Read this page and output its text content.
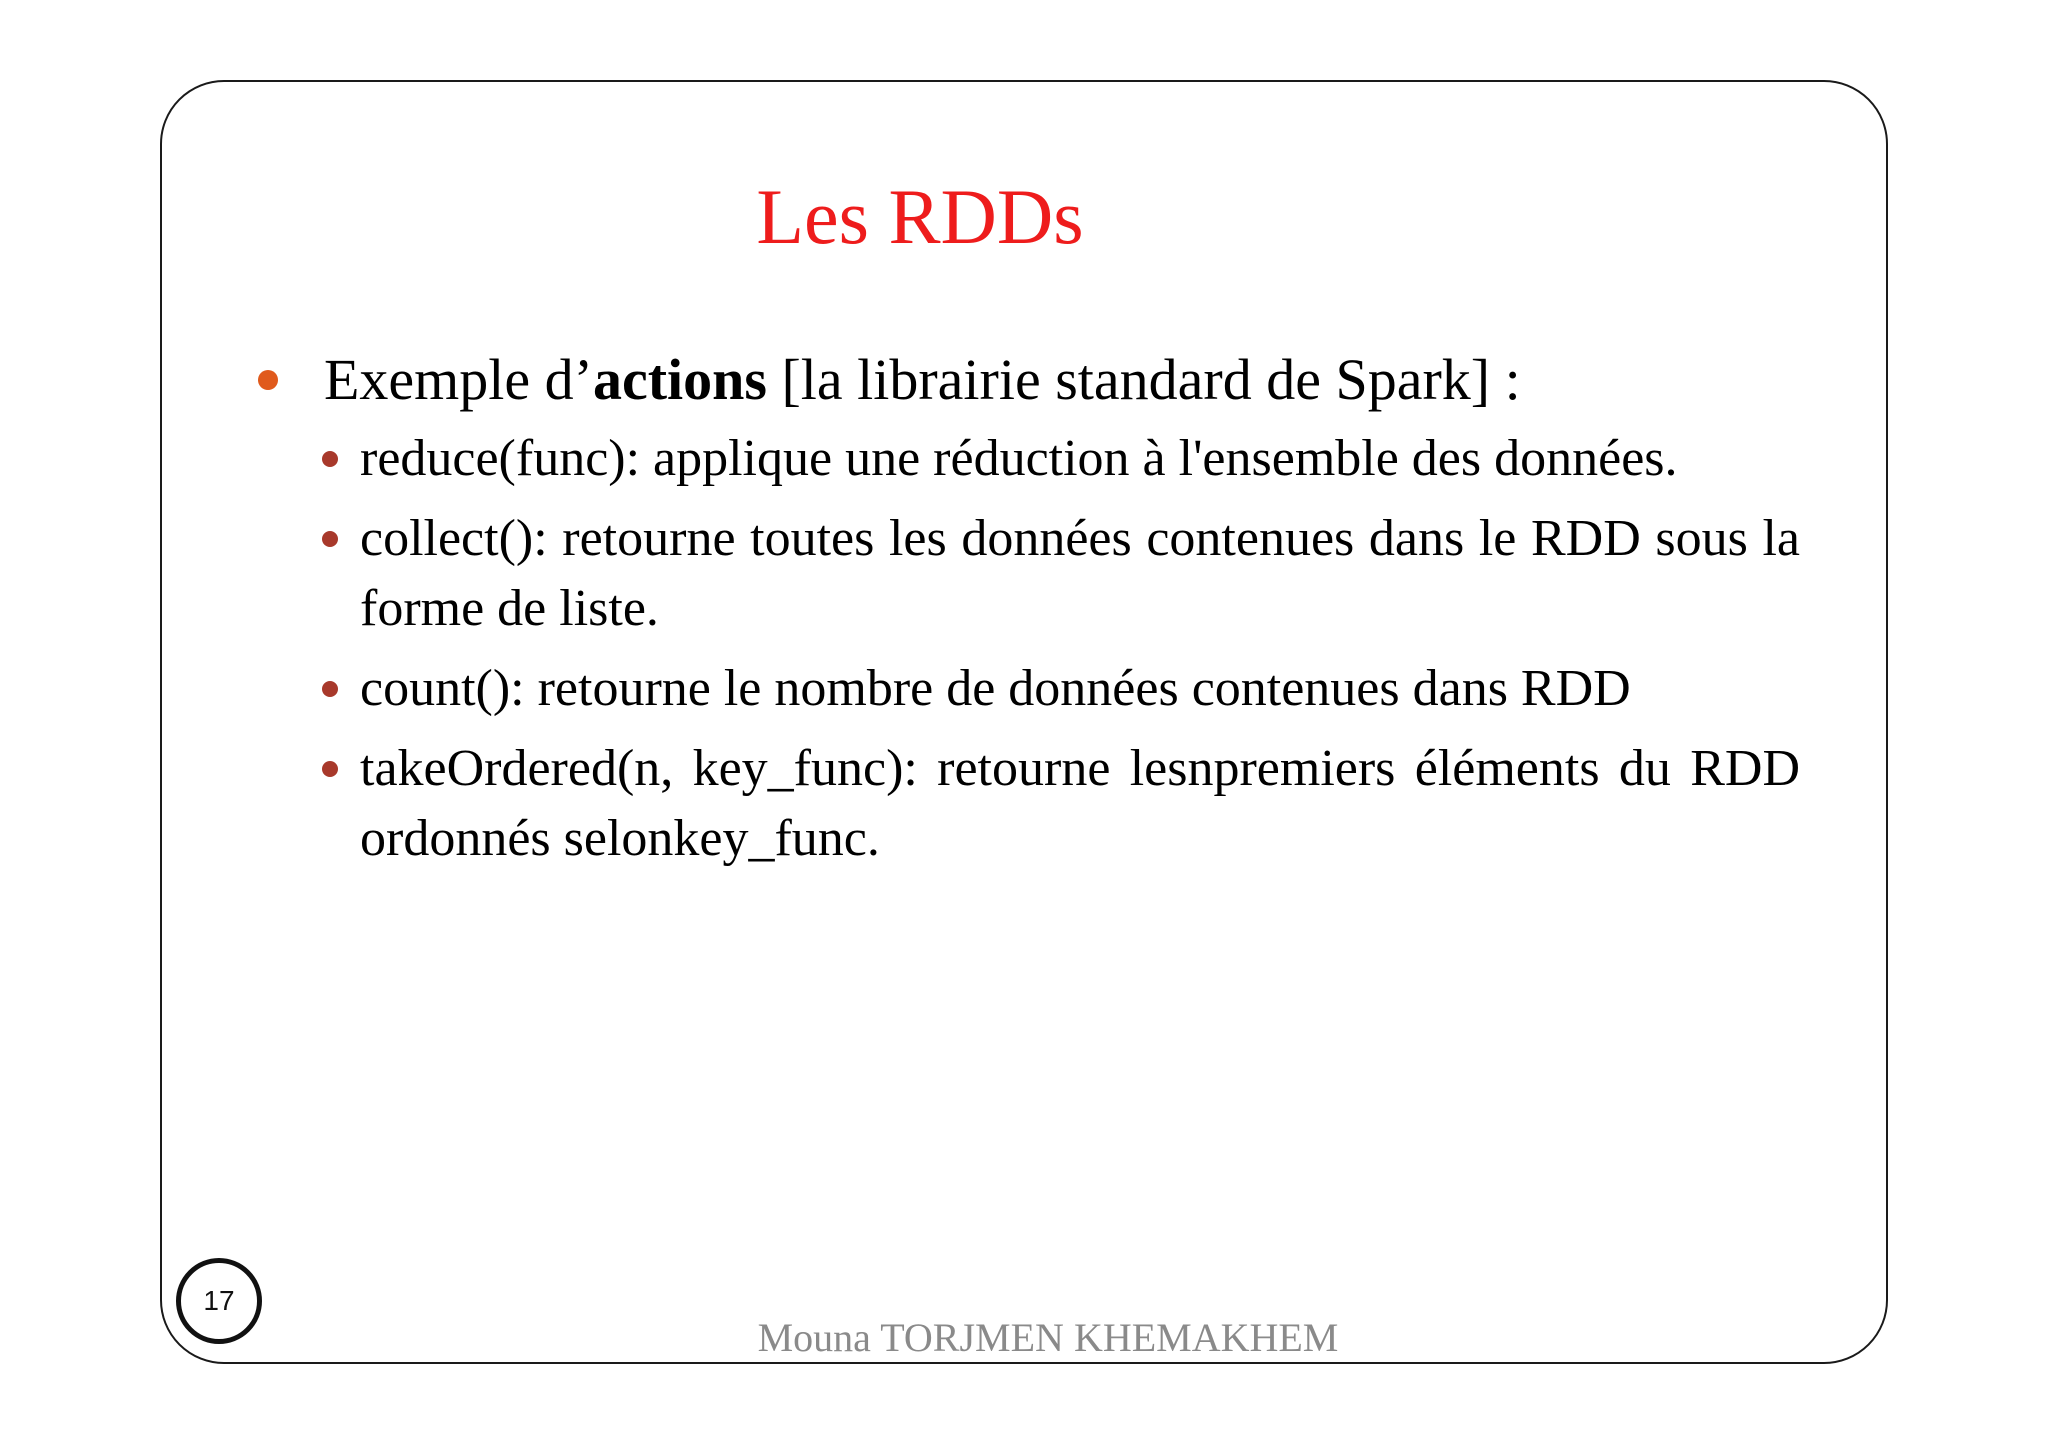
Les RDDs
Exemple d’actions [la librairie standard de Spark] :
reduce(func): applique une réduction à l'ensemble des données.
collect(): retourne toutes les données contenues dans le RDD sous la forme de liste.
count(): retourne le nombre de données contenues dans RDD
takeOrdered(n, key_func): retourne lesnpremiers éléments du RDD ordonnés selonkey_func.
17
Mouna TORJMEN KHEMAKHEM
